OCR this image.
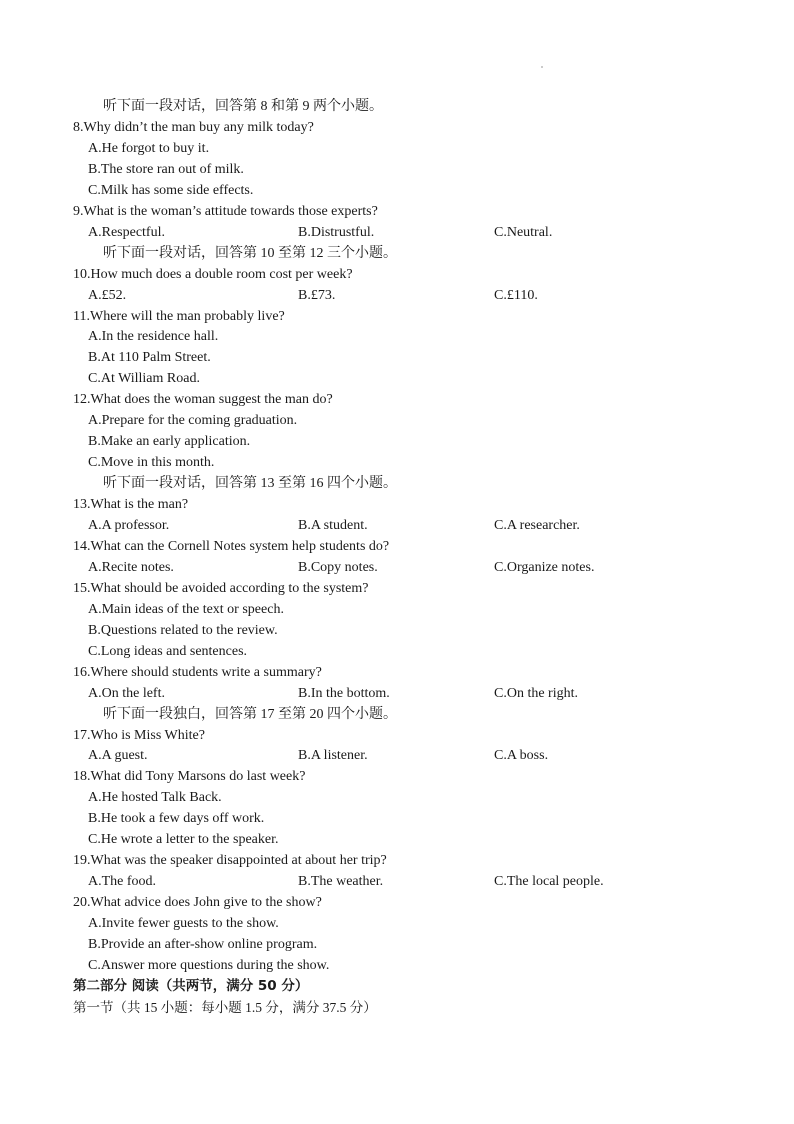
听下面一段对话，回答第 8 和第 9 两个小题。
8.Why didn’t the man buy any milk today?
A.He forgot to buy it.
B.The store ran out of milk.
C.Milk has some side effects.
9.What is the woman’s attitude towards those experts?
A.Respectful.	B.Distrustful.	C.Neutral.
听下面一段对话，回答第 10 至第 12 三个小题。
10.How much does a double room cost per week?
A.£52.	B.£73.	C.£110.
11.Where will the man probably live?
A.In the residence hall.
B.At 110 Palm Street.
C.At William Road.
12.What does the woman suggest the man do?
A.Prepare for the coming graduation.
B.Make an early application.
C.Move in this month.
听下面一段对话，回答第 13 至第 16 四个小题。
13.What is the man?
A.A professor.	B.A student.	C.A researcher.
14.What can the Cornell Notes system help students do?
A.Recite notes.	B.Copy notes.	C.Organize notes.
15.What should be avoided according to the system?
A.Main ideas of the text or speech.
B.Questions related to the review.
C.Long ideas and sentences.
16.Where should students write a summary?
A.On the left.	B.In the bottom.	C.On the right.
听下面一段独白，回答第 17 至第 20 四个小题。
17.Who is Miss White?
A.A guest.	B.A listener.	C.A boss.
18.What did Tony Marsons do last week?
A.He hosted Talk Back.
B.He took a few days off work.
C.He wrote a letter to the speaker.
19.What was the speaker disappointed at about her trip?
A.The food.	B.The weather.	C.The local people.
20.What advice does John give to the show?
A.Invite fewer guests to the show.
B.Provide an after-show online program.
C.Answer more questions during the show.
第二部分 阅读（共两节，满分 50 分）
第一节（共 15 小题：每小题 1.5 分，满分 37.5 分）
